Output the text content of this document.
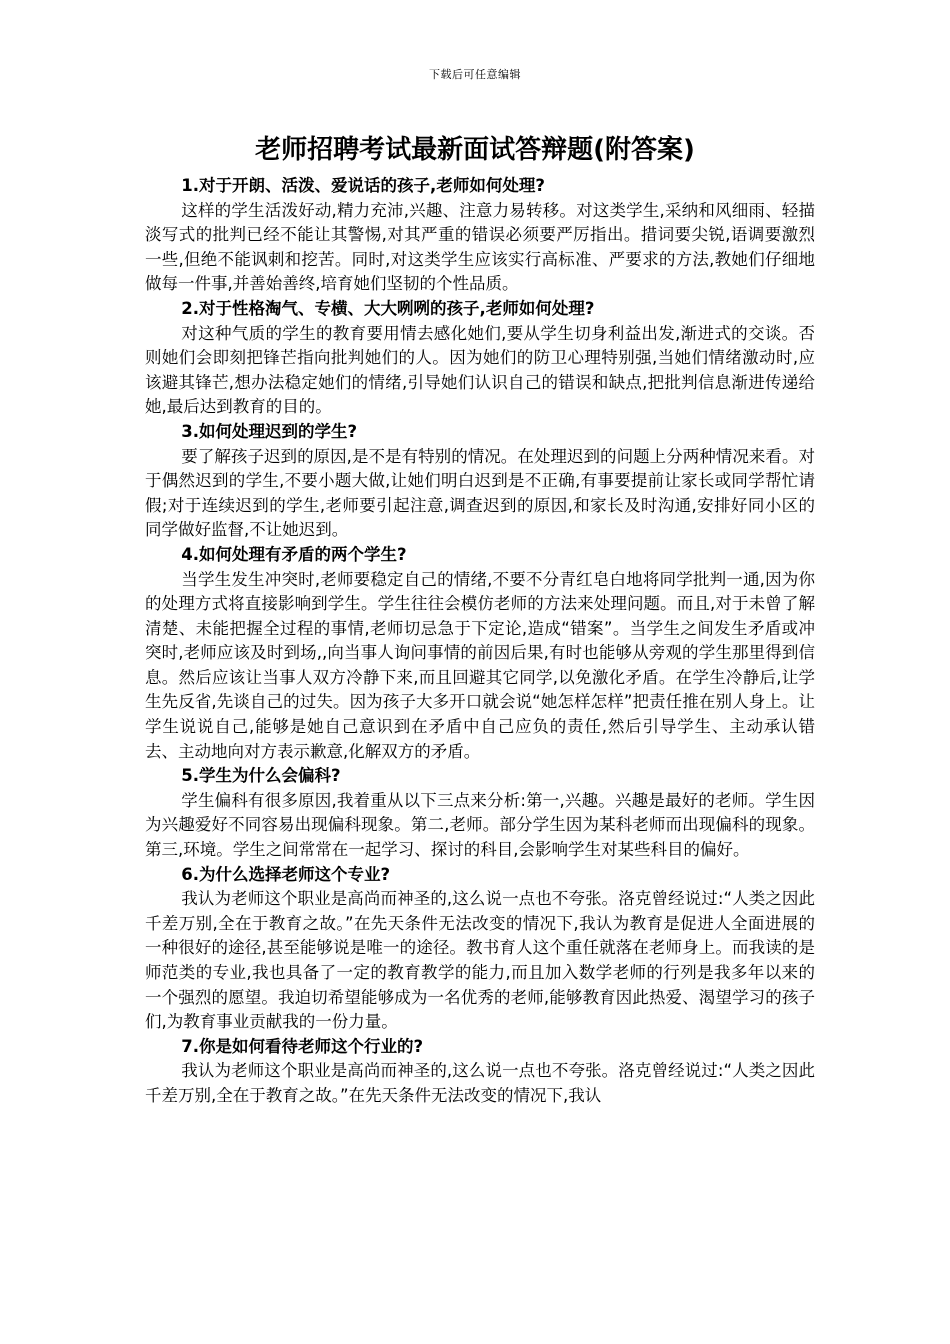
下载后可任意编辑
老师招聘考试最新面试答辩题(附答案)

1.对于开朗、活泼、爱说话的孩子,老师如何处理?

这样的学生活泼好动,精力充沛,兴趣、注意力易转移。对这类学生,采纳和风细雨、轻描淡写式的批判已经不能让其警惕,对其严重的错误必须要严厉指出。措词要尖锐,语调要激烈一些,但绝不能讽刺和挖苦。同时,对这类学生应该实行高标准、严要求的方法,教她们仔细地做每一件事,并善始善终,培育她们坚韧的个性品质。

2.对于性格淘气、专横、大大咧咧的孩子,老师如何处理?

对这种气质的学生的教育要用情去感化她们,要从学生切身利益出发,渐进式的交谈。否则她们会即刻把锋芒指向批判她们的人。因为她们的防卫心理特别强,当她们情绪激动时,应该避其锋芒,想办法稳定她们的情绪,引导她们认识自己的错误和缺点,把批判信息渐进传递给她,最后达到教育的目的。

3.如何处理迟到的学生?

要了解孩子迟到的原因,是不是有特别的情况。在处理迟到的问题上分两种情况来看。对于偶然迟到的学生,不要小题大做,让她们明白迟到是不正确,有事要提前让家长或同学帮忙请假;对于连续迟到的学生,老师要引起注意,调查迟到的原因,和家长及时沟通,安排好同小区的同学做好监督,不让她迟到。

4.如何处理有矛盾的两个学生?

当学生发生冲突时,老师要稳定自己的情绪,不要不分青红皂白地将同学批判一通,因为你的处理方式将直接影响到学生。学生往往会模仿老师的方法来处理问题。而且,对于未曾了解清楚、未能把握全过程的事情,老师切忌急于下定论,造成“错案”。当学生之间发生矛盾或冲突时,老师应该及时到场,,向当事人询问事情的前因后果,有时也能够从旁观的学生那里得到信息。然后应该让当事人双方冷静下来,而且回避其它同学,以免激化矛盾。在学生冷静后,让学生先反省,先谈自己的过失。因为孩子大多开口就会说“她怎样怎样”把责任推在别人身上。让学生说说自己,能够是她自己意识到在矛盾中自己应负的责任,然后引导学生、主动承认错去、主动地向对方表示歉意,化解双方的矛盾。

5.学生为什么会偏科?

学生偏科有很多原因,我着重从以下三点来分析:第一,兴趣。兴趣是最好的老师。学生因为兴趣爱好不同容易出现偏科现象。第二,老师。部分学生因为某科老师而出现偏科的现象。第三,环境。学生之间常常在一起学习、探讨的科目,会影响学生对某些科目的偏好。

6.为什么选择老师这个专业?

我认为老师这个职业是高尚而神圣的,这么说一点也不夸张。洛克曾经说过:“人类之因此千差万别,全在于教育之故。”在先天条件无法改变的情况下,我认为教育是促进人全面进展的一种很好的途径,甚至能够说是唯一的途径。教书育人这个重任就落在老师身上。而我读的是师范类的专业,我也具备了一定的教育教学的能力,而且加入数学老师的行列是我多年以来的一个强烈的愿望。我迫切希望能够成为一名优秀的老师,能够教育因此热爱、渴望学习的孩子们,为教育事业贡献我的一份力量。

7.你是如何看待老师这个行业的?

我认为老师这个职业是高尚而神圣的,这么说一点也不夸张。洛克曾经说过:“人类之因此千差万别,全在于教育之故。”在先天条件无法改变的情况下,我认
